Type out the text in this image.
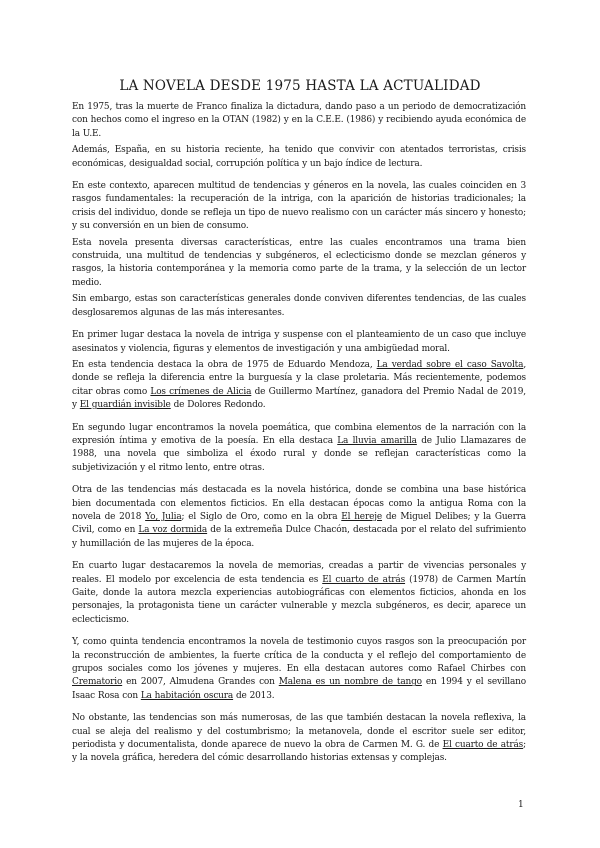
LA NOVELA DESDE 1975 HASTA LA ACTUALIDAD

En 1975, tras la muerte de Franco finaliza la dictadura, dando paso a un periodo de democratización con hechos como el ingreso en la OTAN (1982) y en la C.E.E. (1986) y recibiendo ayuda económica de la U.E.

Además, España, en su historia reciente, ha tenido que convivir con atentados terroristas, crisis económicas, desigualdad social, corrupción política y un bajo índice de lectura.

En este contexto, aparecen multitud de tendencias y géneros en la novela, las cuales coinciden en 3 rasgos fundamentales: la recuperación de la intriga, con la aparición de historias tradicionales; la crisis del individuo, donde se refleja un tipo de nuevo realismo con un carácter más sincero y honesto; y su conversión en un bien de consumo.

Esta novela presenta diversas características, entre las cuales encontramos una trama bien construida, una multitud de tendencias y subgéneros, el eclecticismo donde se mezclan géneros y rasgos, la historia contemporánea y la memoria como parte de la trama, y la selección de un lector medio.

Sin embargo, estas son características generales donde conviven diferentes tendencias, de las cuales desglosaremos algunas de las más interesantes.

En primer lugar destaca la novela de intriga y suspense con el planteamiento de un caso que incluye asesinatos y violencia, figuras y elementos de investigación y una ambigüedad moral.

En esta tendencia destaca la obra de 1975 de Eduardo Mendoza, La verdad sobre el caso Savolta, donde se refleja la diferencia entre la burguesía y la clase proletaria. Más recientemente, podemos citar obras como Los crímenes de Alicia de Guillermo Martínez, ganadora del Premio Nadal de 2019, y El guardián invisible de Dolores Redondo.

En segundo lugar encontramos la novela poemática, que combina elementos de la narración con la expresión íntima y emotiva de la poesía. En ella destaca La lluvia amarilla de Julio Llamazares de 1988, una novela que simboliza el éxodo rural y donde se reflejan características como la subjetivización y el ritmo lento, entre otras.

Otra de las tendencias más destacada es la novela histórica, donde se combina una base histórica bien documentada con elementos ficticios. En ella destacan épocas como la antigua Roma con la novela de 2018 Yo, Julia; el Siglo de Oro, como en la obra El hereje de Miguel Delibes; y la Guerra Civil, como en La voz dormida de la extremeña Dulce Chacón, destacada por el relato del sufrimiento y humillación de las mujeres de la época.

En cuarto lugar destacaremos la novela de memorias, creadas a partir de vivencias personales y reales. El modelo por excelencia de esta tendencia es El cuarto de atrás (1978) de Carmen Martín Gaite, donde la autora mezcla experiencias autobiográficas con elementos ficticios, ahonda en los personajes, la protagonista tiene un carácter vulnerable y mezcla subgéneros, es decir, aparece un eclecticismo.

Y, como quinta tendencia encontramos la novela de testimonio cuyos rasgos son la preocupación por la reconstrucción de ambientes, la fuerte crítica de la conducta y el reflejo del comportamiento de grupos sociales como los jóvenes y mujeres. En ella destacan autores como Rafael Chirbes con Crematorio en 2007, Almudena Grandes con Malena es un nombre de tango en 1994 y el sevillano Isaac Rosa con La habitación oscura de 2013.

No obstante, las tendencias son más numerosas, de las que también destacan la novela reflexiva, la cual se aleja del realismo y del costumbrismo; la metanovela, donde el escritor suele ser editor, periodista y documentalista, donde aparece de nuevo la obra de Carmen M. G. de El cuarto de atrás; y la novela gráfica, heredera del cómic desarrollando historias extensas y complejas.

1
